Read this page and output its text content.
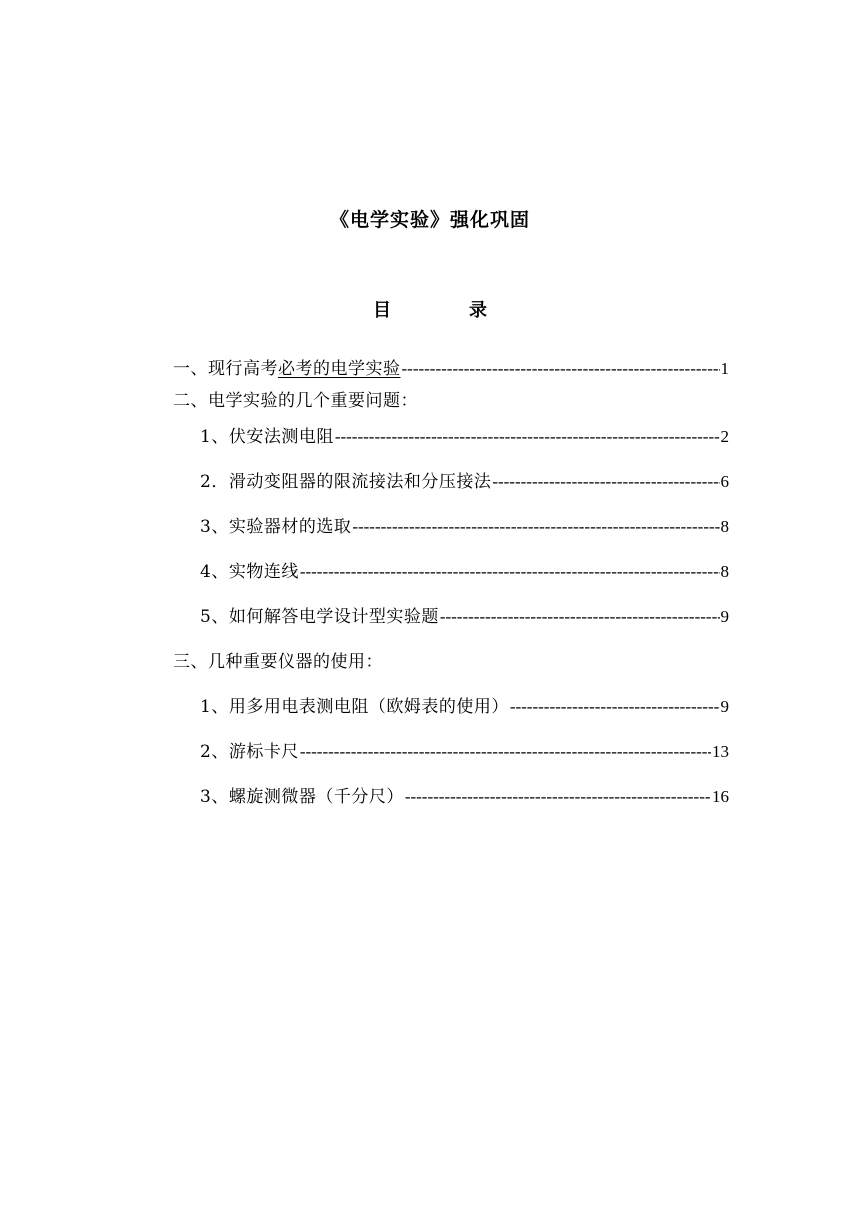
《电学实验》强化巩固
目	录
一、现行高考必考的电学实验 -----	1
二、电学实验的几个重要问题：
1、伏安法测电阻 -----	2
2．滑动变阻器的限流接法和分压接法 -----	6
3、实验器材的选取 -----	8
4、实物连线 -----	8
5、如何解答电学设计型实验题 -----	9
三、几种重要仪器的使用：
1、用多用电表测电阻（欧姆表的使用） -----	9
2、游标卡尺 -----	13
3、螺旋测微器（千分尺） -----	16
